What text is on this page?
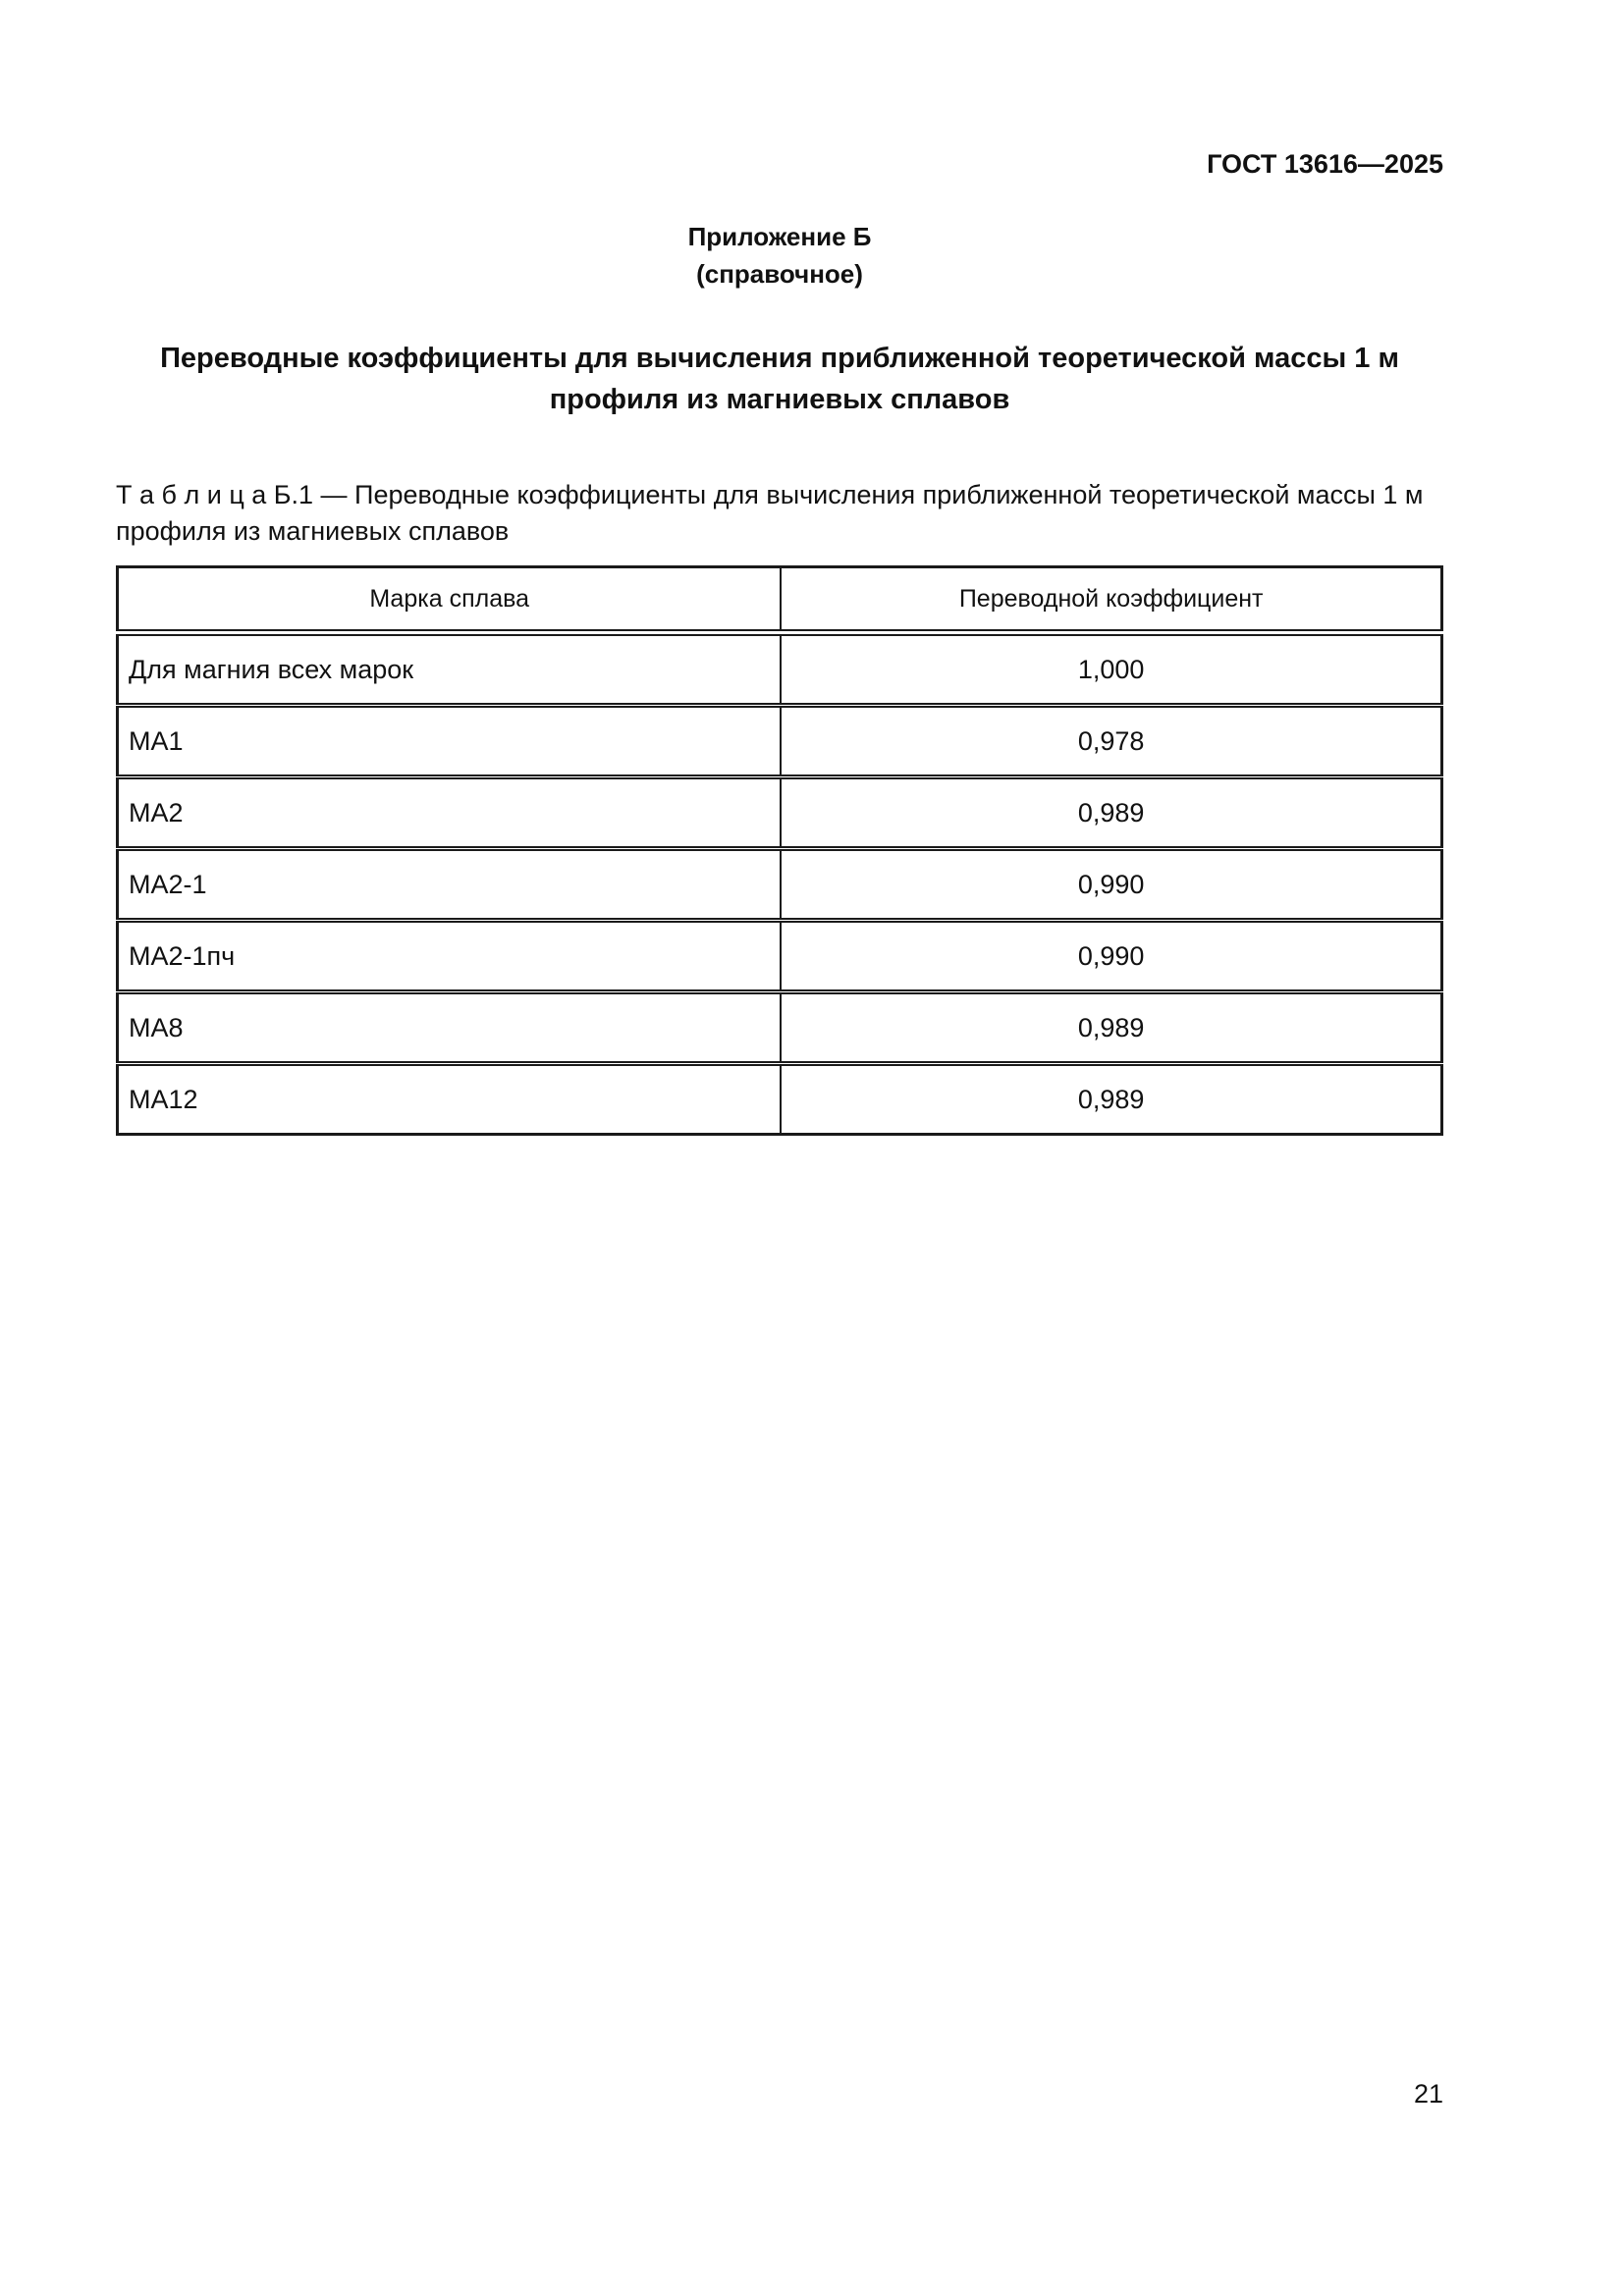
ГОСТ 13616—2025
Приложение Б
(справочное)
Переводные коэффициенты для вычисления приближенной теоретической массы 1 м
профиля из магниевых сплавов
Т а б л и ц а Б.1 — Переводные коэффициенты для вычисления приближенной теоретической массы 1 м профиля из магниевых сплавов
Марка сплава	Переводной коэффициент
Для магния всех марок	1,000
МА1	0,978
МА2	0,989
МА2-1	0,990
МА2-1пч	0,990
МА8	0,989
МА12	0,989
21
